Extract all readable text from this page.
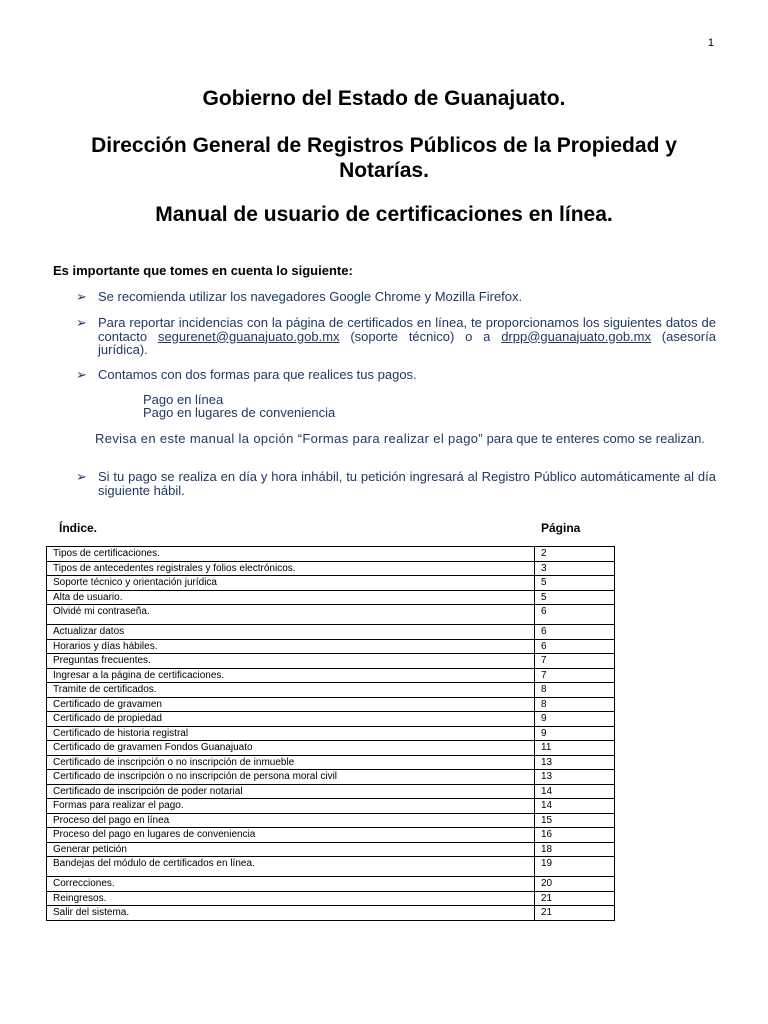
1
Gobierno del Estado de Guanajuato.
Dirección General de Registros Públicos de la Propiedad y Notarías.
Manual de usuario de certificaciones en línea.
Es importante que tomes en cuenta lo siguiente:
➢ Se recomienda utilizar los navegadores Google Chrome y Mozilla Firefox.
➢ Para reportar incidencias con la página de certificados en línea, te proporcionamos los siguientes datos de contacto segurenet@guanajuato.gob.mx (soporte técnico) o a drpp@guanajuato.gob.mx (asesoría jurídica).
➢ Contamos con dos formas para que realices tus pagos.
Pago en línea
Pago en lugares de conveniencia
Revisa en este manual la opción “Formas para realizar el pago” para que te enteres como se realizan.
➢ Si tu pago se realiza en día y hora inhábil, tu petición ingresará al Registro Público automáticamente al día siguiente hábil.
Índice.	Página
Tipos de certificaciones.	2
Tipos de antecedentes registrales y folios electrónicos.	3
Soporte técnico y orientación jurídica	5
Alta de usuario.	5
Olvidé mi contraseña.	6
Actualizar datos	6
Horarios y días hábiles.	6
Preguntas frecuentes.	7
Ingresar a la página de certificaciones.	7
Tramite de certificados.	8
Certificado de gravamen	8
Certificado de propiedad	9
Certificado de historia registral	9
Certificado de gravamen Fondos Guanajuato	11
Certificado de inscripción o no inscripción de inmueble	13
Certificado de inscripción o no inscripción de persona moral civil	13
Certificado de inscripción de poder notarial	14
Formas para realizar el pago.	14
Proceso del pago en línea	15
Proceso del pago en lugares de conveniencia	16
Generar petición	18
Bandejas del módulo de certificados en línea.	19
Correcciones.	20
Reingresos.	21
Salir del sistema.	21
